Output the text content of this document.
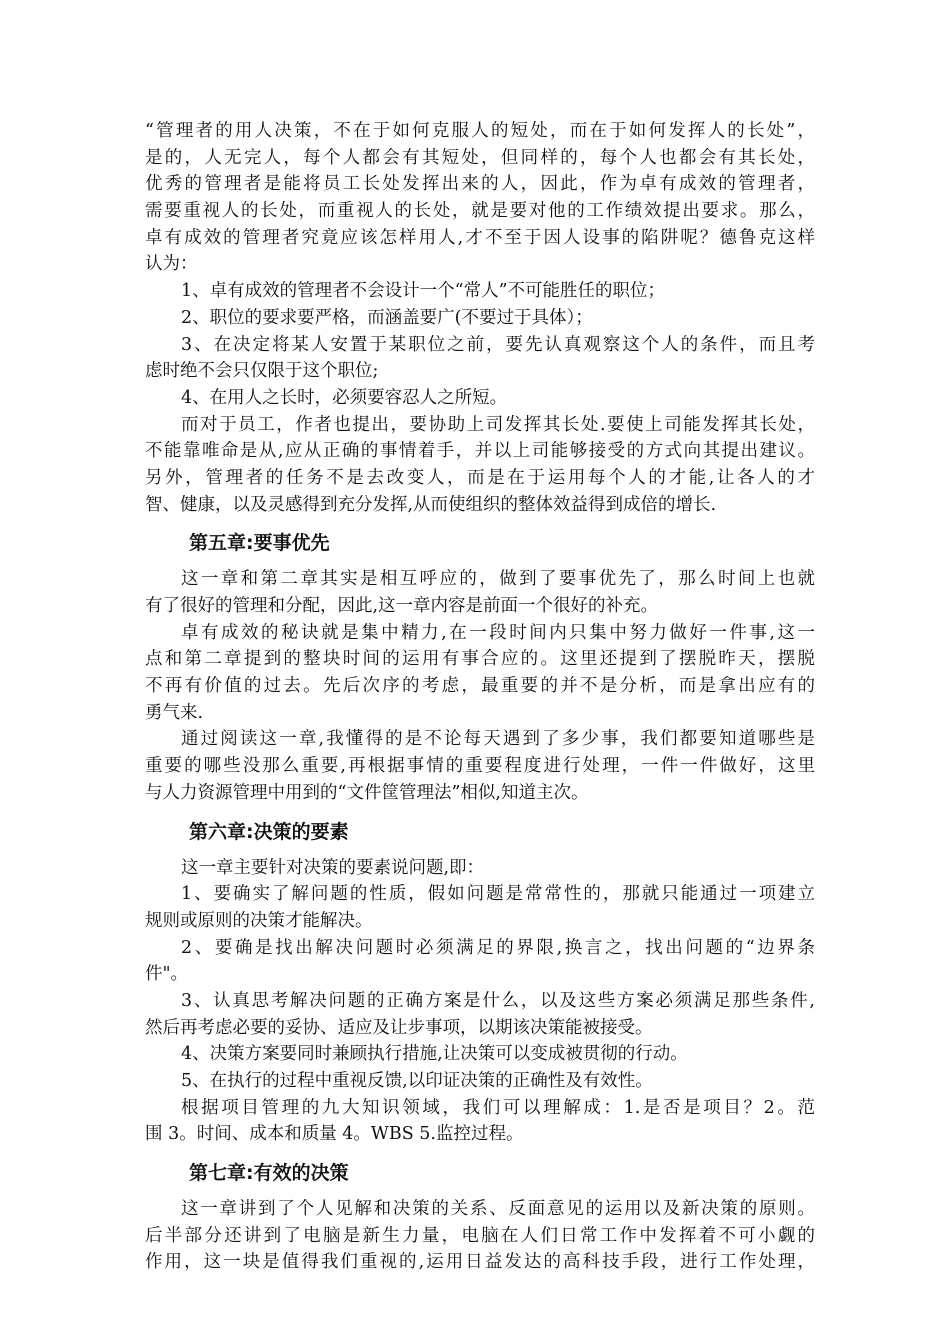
“管理者的用人决策，不在于如何克服人的短处，而在于如何发挥人的长处”，
是的，人无完人，每个人都会有其短处，但同样的，每个人也都会有其长处，
优秀的管理者是能将员工长处发挥出来的人，因此，作为卓有成效的管理者，
需要重视人的长处，而重视人的长处，就是要对他的工作绩效提出要求。那么，
卓有成效的管理者究竟应该怎样用人,才不至于因人设事的陷阱呢？德鲁克这样
认为：
1、卓有成效的管理者不会设计一个“常人”不可能胜任的职位；
2、职位的要求要严格，而涵盖要广(不要过于具体）；
3、在决定将某人安置于某职位之前，要先认真观察这个人的条件，而且考
虑时绝不会只仅限于这个职位;
4、在用人之长时，必须要容忍人之所短。
而对于员工，作者也提出，要协助上司发挥其长处.要使上司能发挥其长处，
不能靠唯命是从,应从正确的事情着手，并以上司能够接受的方式向其提出建议。
另外，管理者的任务不是去改变人，而是在于运用每个人的才能,让各人的才
智、健康，以及灵感得到充分发挥,从而使组织的整体效益得到成倍的增长.
第五章:要事优先
这一章和第二章其实是相互呼应的，做到了要事优先了，那么时间上也就
有了很好的管理和分配，因此,这一章内容是前面一个很好的补充。
卓有成效的秘诀就是集中精力,在一段时间内只集中努力做好一件事,这一
点和第二章提到的整块时间的运用有事合应的。这里还提到了摆脱昨天，摆脱
不再有价值的过去。先后次序的考虑，最重要的并不是分析，而是拿出应有的
勇气来.
通过阅读这一章,我懂得的是不论每天遇到了多少事，我们都要知道哪些是
重要的哪些没那么重要,再根据事情的重要程度进行处理，一件一件做好，这里
与人力资源管理中用到的“文件筐管理法”相似,知道主次。
第六章:决策的要素
这一章主要针对决策的要素说问题,即：
1、要确实了解问题的性质，假如问题是常常性的，那就只能通过一项建立
规则或原则的决策才能解决。
2、要确是找出解决问题时必须满足的界限,换言之，找出问题的“边界条
件"。
3、认真思考解决问题的正确方案是什么，以及这些方案必须满足那些条件,
然后再考虑必要的妥协、适应及让步事项，以期该决策能被接受。
4、决策方案要同时兼顾执行措施,让决策可以变成被贯彻的行动。
5、在执行的过程中重视反馈,以印证决策的正确性及有效性。
根据项目管理的九大知识领域，我们可以理解成：1.是否是项目？2。范
围 3。时间、成本和质量 4。WBS 5.监控过程。
第七章:有效的决策
这一章讲到了个人见解和决策的关系、反面意见的运用以及新决策的原则。
后半部分还讲到了电脑是新生力量，电脑在人们日常工作中发挥着不可小觑的
作用，这一块是值得我们重视的,运用日益发达的高科技手段，进行工作处理，
